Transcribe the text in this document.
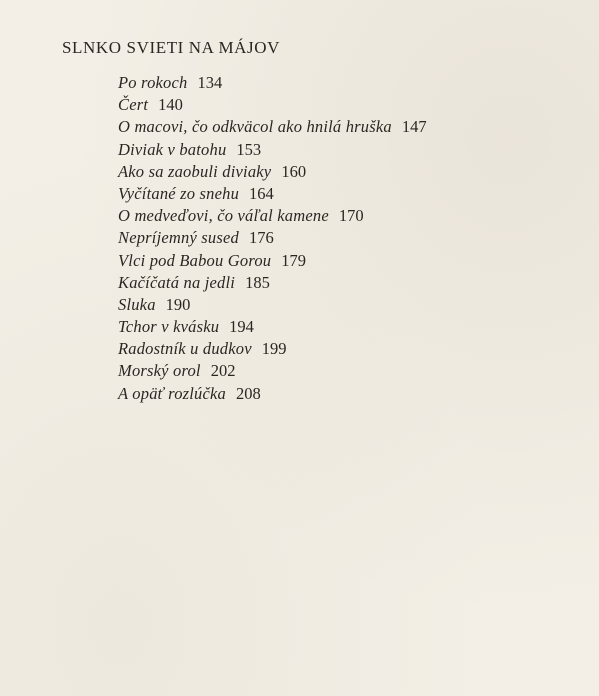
SLNKO SVIETI NA MÁJOV
Po rokoch 134
Čert 140
O macovi, čo odkväcol ako hnilá hruška 147
Diviak v batohu 153
Ako sa zaobuli diviaky 160
Vyčítané zo snehu 164
O medveďovi, čo váľal kamene 170
Nepríjemný sused 176
Vlci pod Babou Gorou 179
Kačíčatá na jedli 185
Sluka 190
Tchor v kvásku 194
Radostník u dudkov 199
Morský orol 202
A opäť rozlúčka 208
